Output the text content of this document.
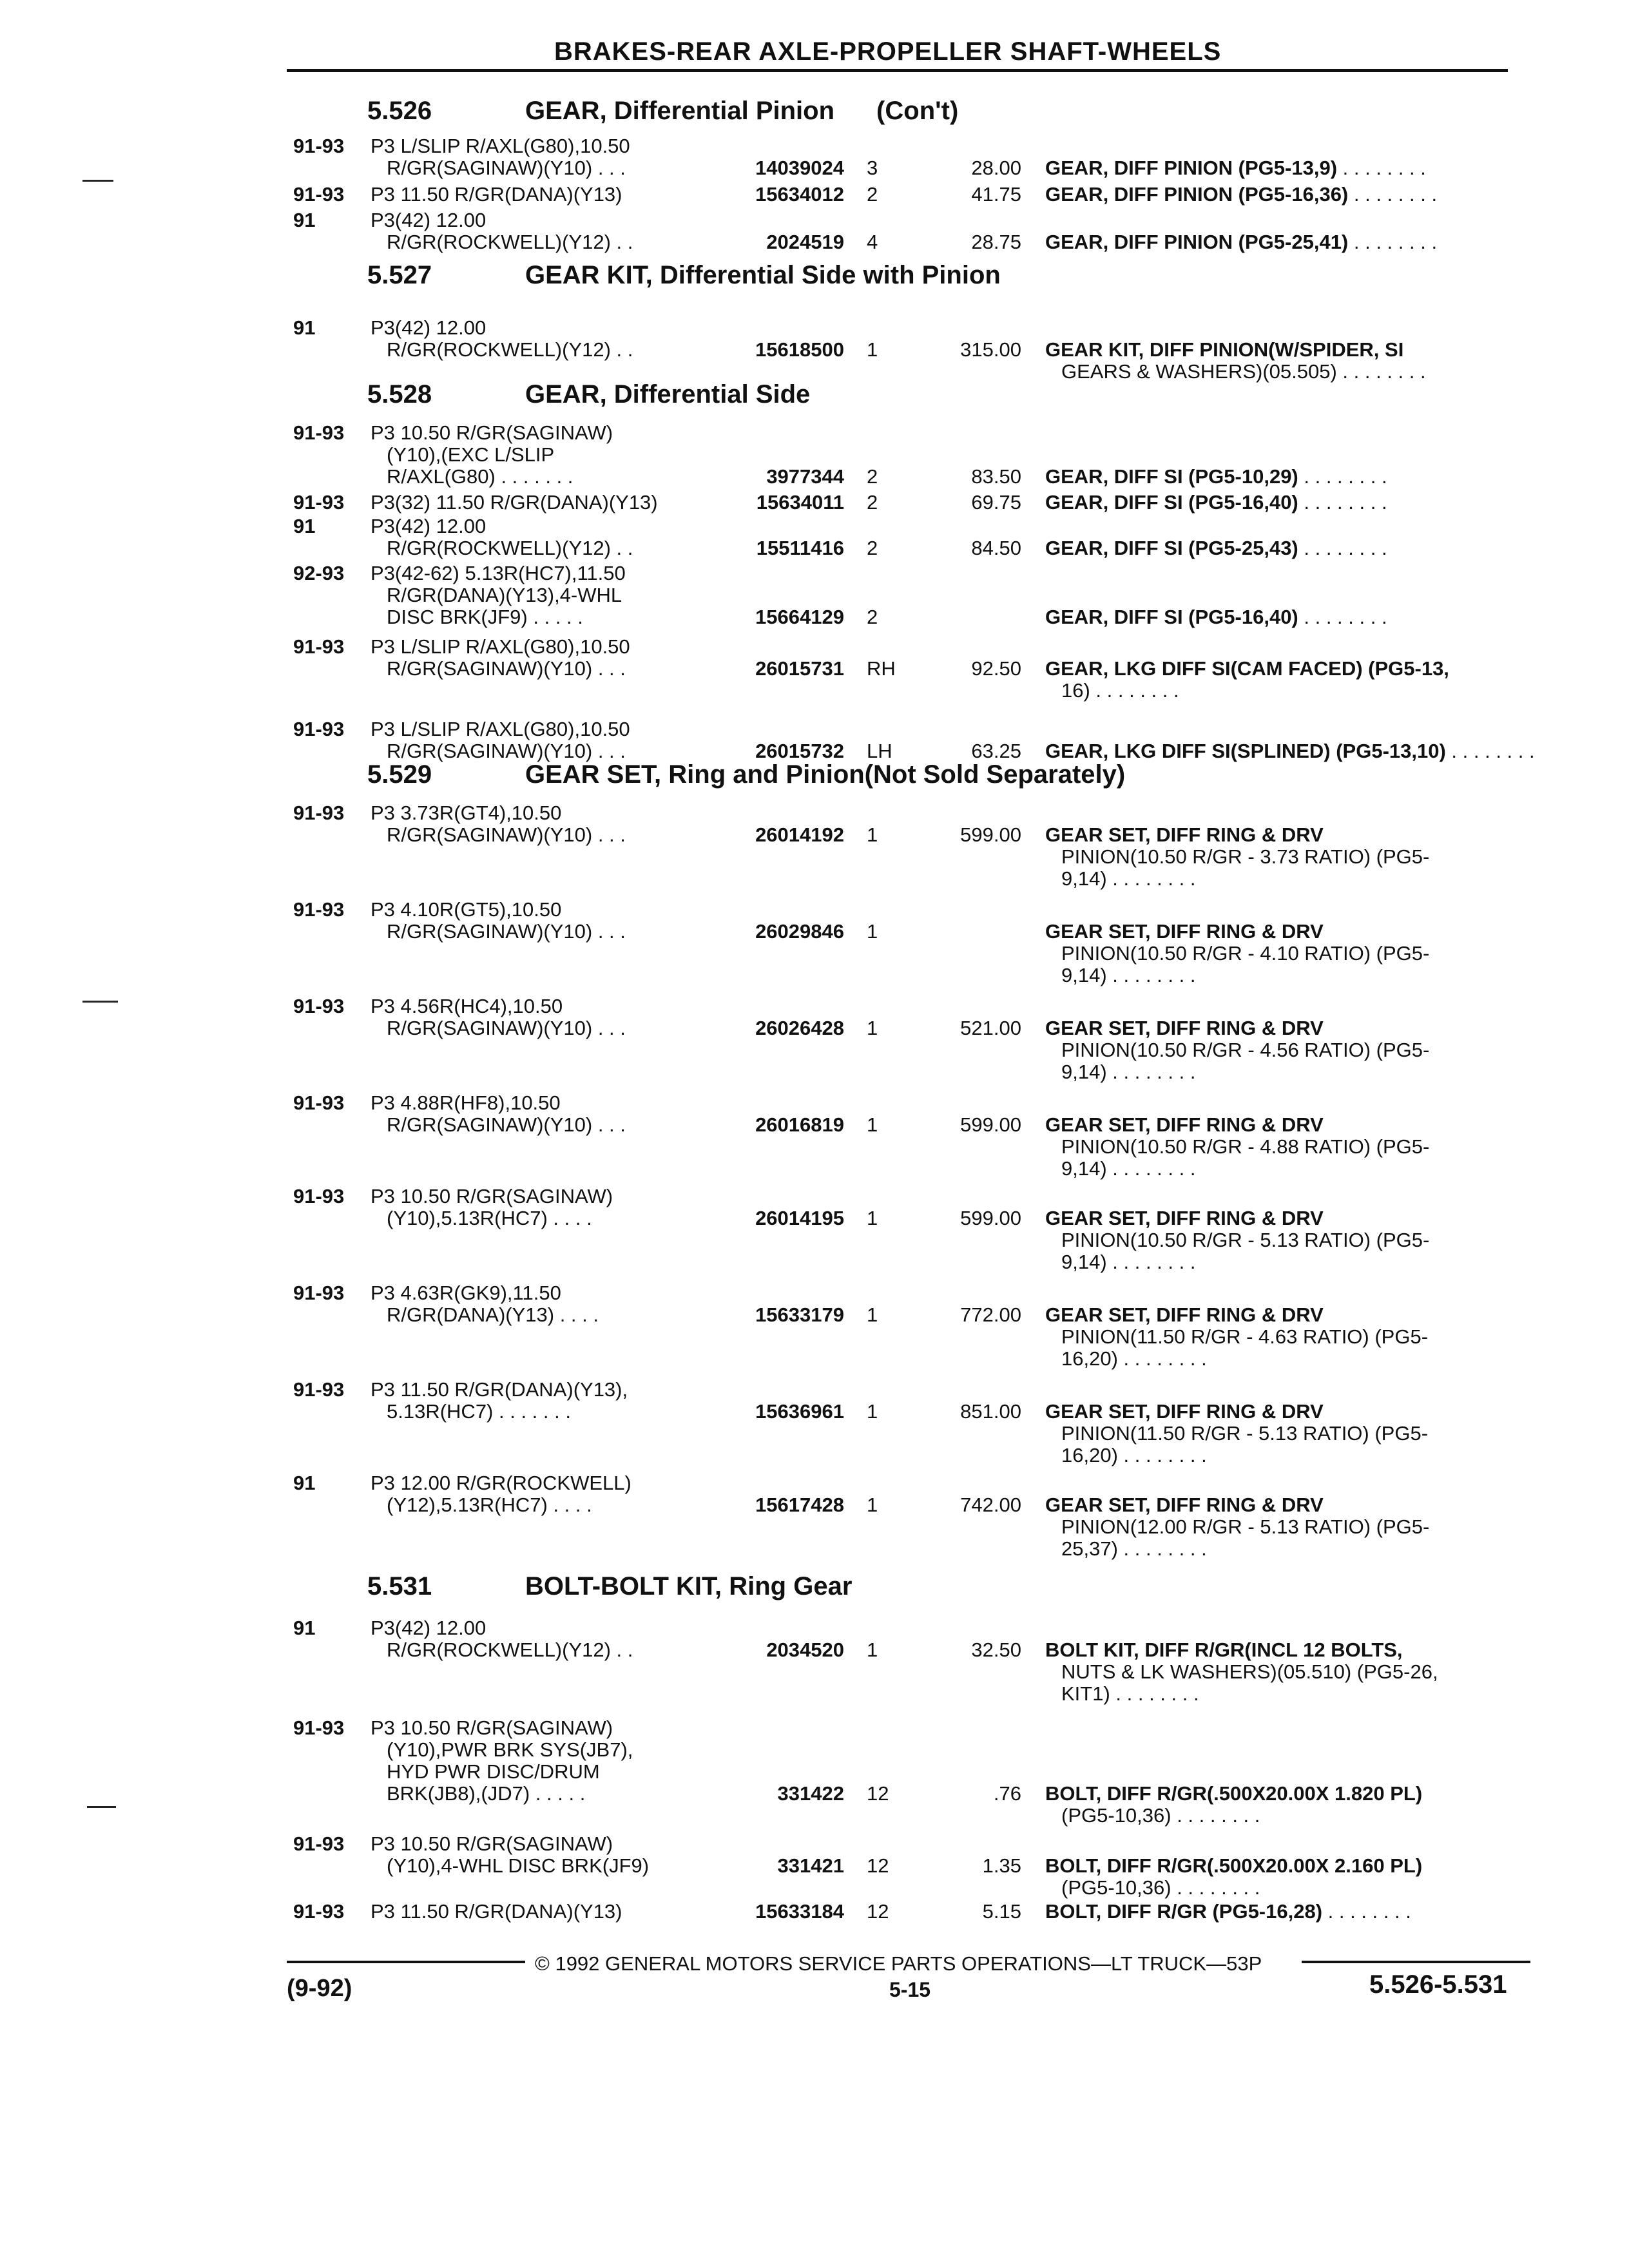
BRAKES-REAR AXLE-PROPELLER SHAFT-WHEELS
5.526	GEAR, Differential Pinion (Con't)
91-93 P3 L/SLIP R/AXL(G80),10.50
R/GR(SAGINAW)(Y10) . . .	14039024 3	28.00 GEAR, DIFF PINION (PG5-13,9) . . . . . . . .
91-93 P3 11.50 R/GR(DANA)(Y13)	15634012 2	41.75 GEAR, DIFF PINION (PG5-16,36) . . . . . . . .
91	P3(42) 12.00
R/GR(ROCKWELL)(Y12) . .	2024519 4	28.75 GEAR, DIFF PINION (PG5-25,41) . . . . . . . .
5.527	GEAR KIT, Differential Side with Pinion
91	P3(42) 12.00
R/GR(ROCKWELL)(Y12) . .	15618500 1	315.00 GEAR KIT, DIFF PINION(W/SPIDER, SI
GEARS & WASHERS)(05.505) . . . . . . . .
5.528	GEAR, Differential Side
91-93 P3 10.50 R/GR(SAGINAW)
(Y10),(EXC L/SLIP
R/AXL(G80) . . . . . . .	3977344 2	83.50 GEAR, DIFF SI (PG5-10,29) . . . . . . . .
91-93 P3(32) 11.50 R/GR(DANA)(Y13)	15634011 2	69.75 GEAR, DIFF SI (PG5-16,40) . . . . . . . .
91	P3(42) 12.00
R/GR(ROCKWELL)(Y12) . .	15511416 2	84.50 GEAR, DIFF SI (PG5-25,43) . . . . . . . .
92-93 P3(42-62) 5.13R(HC7),11.50
R/GR(DANA)(Y13),4-WHL
DISC BRK(JF9) . . . . .	15664129 2	GEAR, DIFF SI (PG5-16,40) . . . . . . . .
91-93 P3 L/SLIP R/AXL(G80),10.50
R/GR(SAGINAW)(Y10) . . .	26015731 RH	92.50 GEAR, LKG DIFF SI(CAM FACED) (PG5-13,
16) . . . . . . . .
91-93 P3 L/SLIP R/AXL(G80),10.50
R/GR(SAGINAW)(Y10) . . .	26015732 LH	63.25 GEAR, LKG DIFF SI(SPLINED) (PG5-13,10) . . . . . . . .
5.529	GEAR SET, Ring and Pinion(Not Sold Separately)
91-93 P3 3.73R(GT4),10.50
R/GR(SAGINAW)(Y10) . . .	26014192 1	599.00 GEAR SET, DIFF RING & DRV
PINION(10.50 R/GR - 3.73 RATIO) (PG5-
9,14) . . . . . . . .
91-93 P3 4.10R(GT5),10.50
R/GR(SAGINAW)(Y10) . . .	26029846 1	GEAR SET, DIFF RING & DRV
PINION(10.50 R/GR - 4.10 RATIO) (PG5-
9,14) . . . . . . . .
91-93 P3 4.56R(HC4),10.50
R/GR(SAGINAW)(Y10) . . .	26026428 1	521.00 GEAR SET, DIFF RING & DRV
PINION(10.50 R/GR - 4.56 RATIO) (PG5-
9,14) . . . . . . . .
91-93 P3 4.88R(HF8),10.50
R/GR(SAGINAW)(Y10) . . .	26016819 1	599.00 GEAR SET, DIFF RING & DRV
PINION(10.50 R/GR - 4.88 RATIO) (PG5-
9,14) . . . . . . . .
91-93 P3 10.50 R/GR(SAGINAW)
(Y10),5.13R(HC7) . . . .	26014195 1	599.00 GEAR SET, DIFF RING & DRV
PINION(10.50 R/GR - 5.13 RATIO) (PG5-
9,14) . . . . . . . .
91-93 P3 4.63R(GK9),11.50
R/GR(DANA)(Y13) . . . .	15633179 1	772.00 GEAR SET, DIFF RING & DRV
PINION(11.50 R/GR - 4.63 RATIO) (PG5-
16,20) . . . . . . . .
91-93 P3 11.50 R/GR(DANA)(Y13),
5.13R(HC7) . . . . . . .	15636961 1	851.00 GEAR SET, DIFF RING & DRV
PINION(11.50 R/GR - 5.13 RATIO) (PG5-
16,20) . . . . . . . .
91	P3 12.00 R/GR(ROCKWELL)
(Y12),5.13R(HC7) . . . .	15617428 1	742.00 GEAR SET, DIFF RING & DRV
PINION(12.00 R/GR - 5.13 RATIO) (PG5-
25,37) . . . . . . . .
5.531	BOLT-BOLT KIT, Ring Gear
91	P3(42) 12.00
R/GR(ROCKWELL)(Y12) . .	2034520 1	32.50 BOLT KIT, DIFF R/GR(INCL 12 BOLTS,
NUTS & LK WASHERS)(05.510) (PG5-26,
KIT1) . . . . . . . .
91-93 P3 10.50 R/GR(SAGINAW)
(Y10),PWR BRK SYS(JB7),
HYD PWR DISC/DRUM
BRK(JB8),(JD7) . . . . .	331422 12	.76 BOLT, DIFF R/GR(.500X20.00X 1.820 PL)
(PG5-10,36) . . . . . . . .
91-93 P3 10.50 R/GR(SAGINAW)
(Y10),4-WHL DISC BRK(JF9)	331421 12	1.35 BOLT, DIFF R/GR(.500X20.00X 2.160 PL)
(PG5-10,36) . . . . . . . .
91-93 P3 11.50 R/GR(DANA)(Y13)	15633184 12	5.15 BOLT, DIFF R/GR (PG5-16,28) . . . . . . . .
© 1992 GENERAL MOTORS SERVICE PARTS OPERATIONS—LT TRUCK—53P
(9-92)	5-15	5.526-5.531
